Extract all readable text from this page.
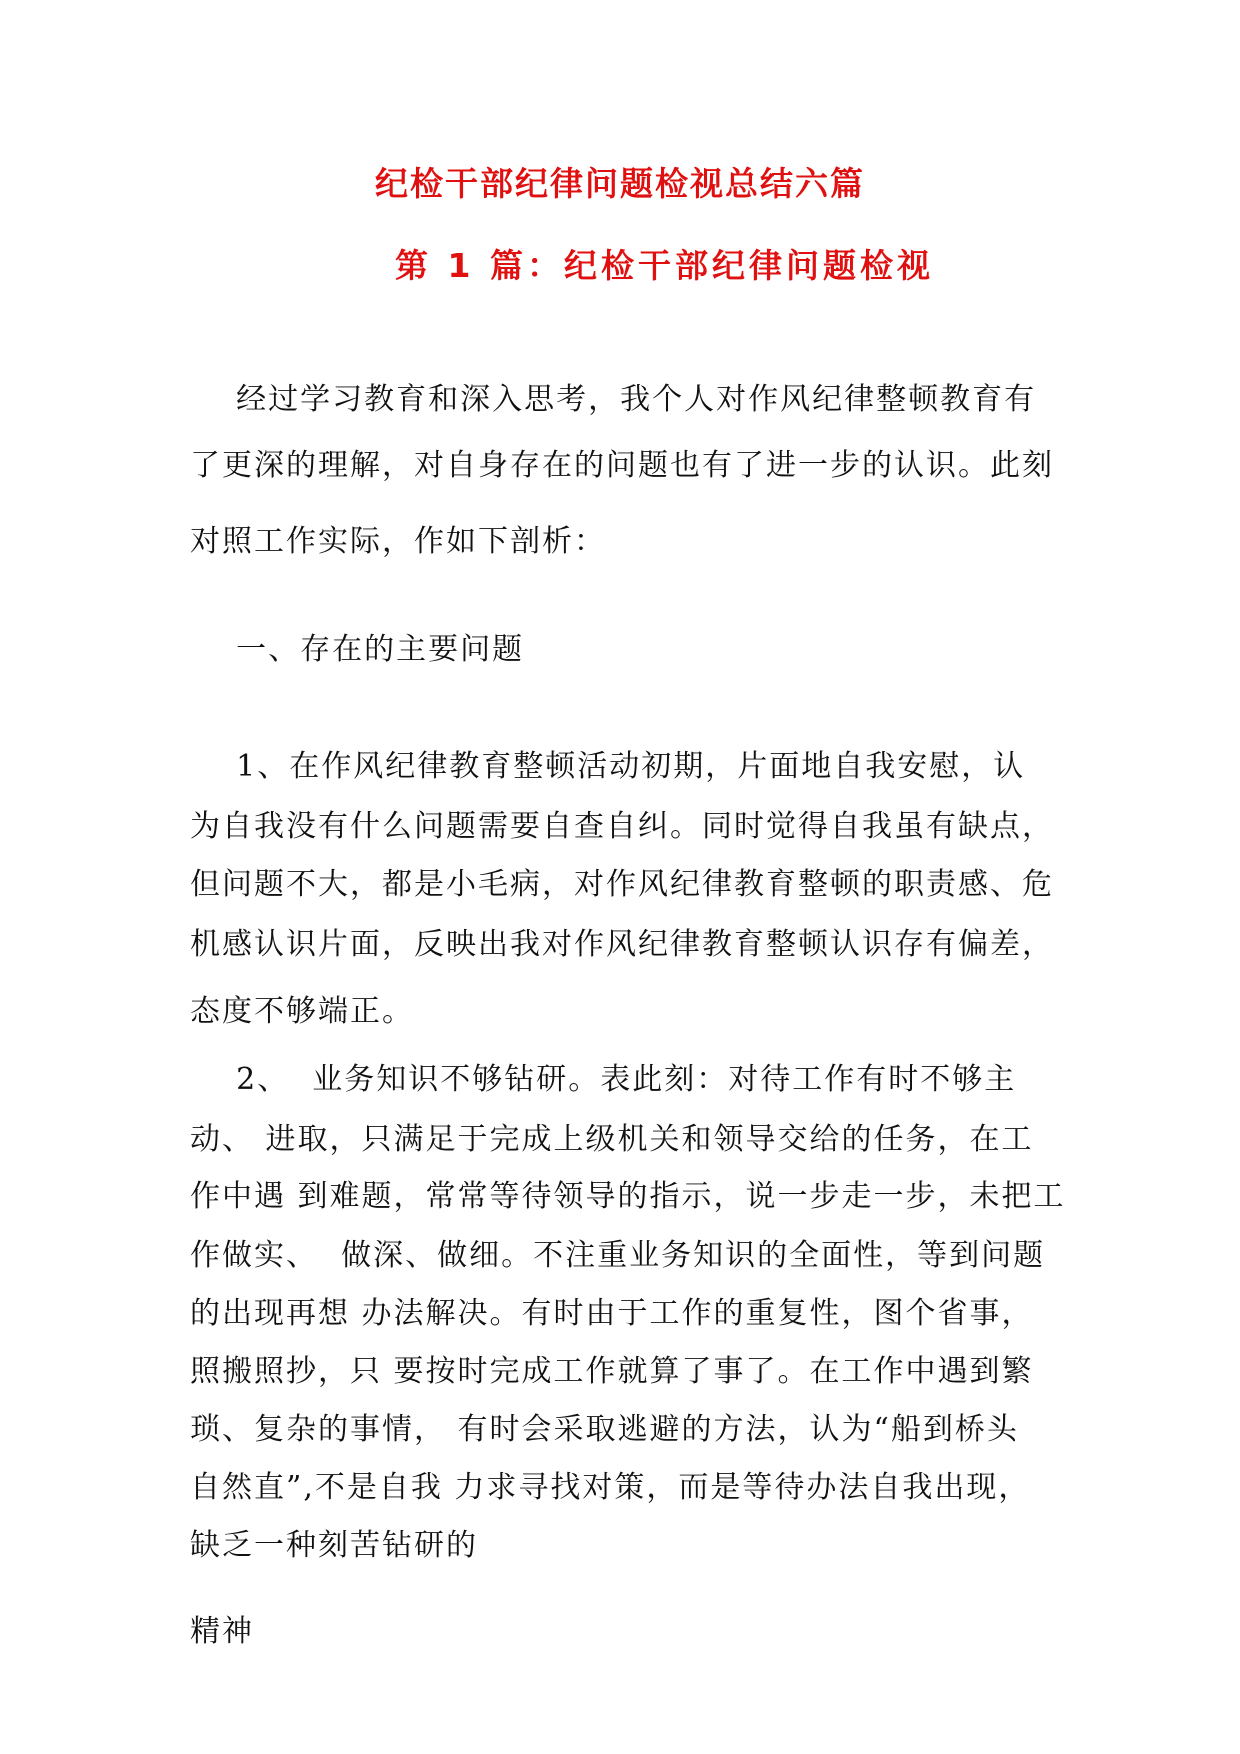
纪检干部纪律问题检视总结六篇
第 1 篇：纪检干部纪律问题检视

经过学习教育和深入思考，我个人对作风纪律整顿教育有

了更深的理解，对自身存在的问题也有了进一步的认识。此刻

对照工作实际，作如下剖析：

一、存在的主要问题

1、在作风纪律教育整顿活动初期，片面地自我安慰，认

为自我没有什么问题需要自查自纠。同时觉得自我虽有缺点，

但问题不大，都是小毛病，对作风纪律教育整顿的职责感、危

机感认识片面，反映出我对作风纪律教育整顿认识存有偏差，

态度不够端正。

2、  业务知识不够钻研。表此刻：对待工作有时不够主

动、 进取，只满足于完成上级机关和领导交给的任务，在工

作中遇 到难题，常常等待领导的指示，说一步走一步，未把工

作做实、  做深、做细。不注重业务知识的全面性，等到问题

的出现再想 办法解决。有时由于工作的重复性，图个省事，

照搬照抄，只 要按时完成工作就算了事了。在工作中遇到繁

琐、复杂的事情， 有时会采取逃避的方法，认为“船到桥头

自然直”,不是自我 力求寻找对策，而是等待办法自我出现，

缺乏一种刻苦钻研的

精神
